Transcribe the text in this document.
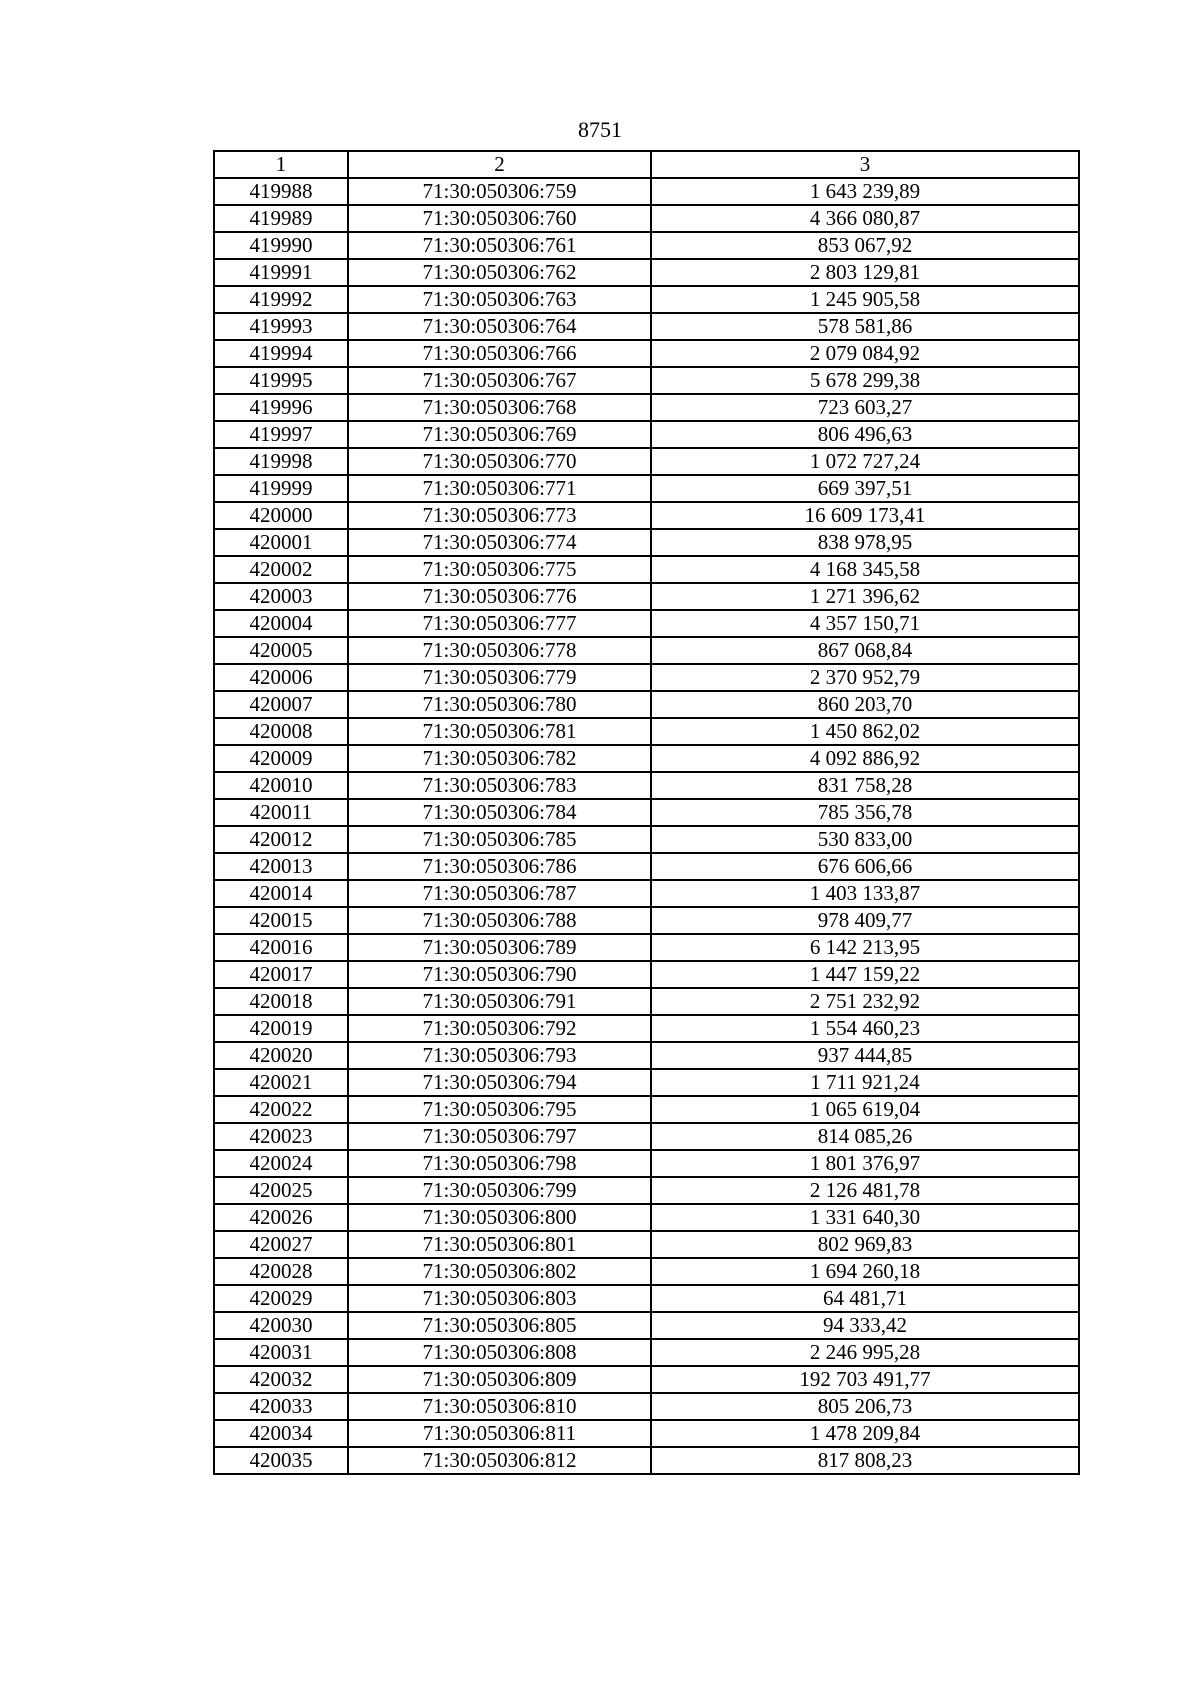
8751
1	2	3
419988	71:30:050306:759	1 643 239,89
419989	71:30:050306:760	4 366 080,87
419990	71:30:050306:761	853 067,92
419991	71:30:050306:762	2 803 129,81
419992	71:30:050306:763	1 245 905,58
419993	71:30:050306:764	578 581,86
419994	71:30:050306:766	2 079 084,92
419995	71:30:050306:767	5 678 299,38
419996	71:30:050306:768	723 603,27
419997	71:30:050306:769	806 496,63
419998	71:30:050306:770	1 072 727,24
419999	71:30:050306:771	669 397,51
420000	71:30:050306:773	16 609 173,41
420001	71:30:050306:774	838 978,95
420002	71:30:050306:775	4 168 345,58
420003	71:30:050306:776	1 271 396,62
420004	71:30:050306:777	4 357 150,71
420005	71:30:050306:778	867 068,84
420006	71:30:050306:779	2 370 952,79
420007	71:30:050306:780	860 203,70
420008	71:30:050306:781	1 450 862,02
420009	71:30:050306:782	4 092 886,92
420010	71:30:050306:783	831 758,28
420011	71:30:050306:784	785 356,78
420012	71:30:050306:785	530 833,00
420013	71:30:050306:786	676 606,66
420014	71:30:050306:787	1 403 133,87
420015	71:30:050306:788	978 409,77
420016	71:30:050306:789	6 142 213,95
420017	71:30:050306:790	1 447 159,22
420018	71:30:050306:791	2 751 232,92
420019	71:30:050306:792	1 554 460,23
420020	71:30:050306:793	937 444,85
420021	71:30:050306:794	1 711 921,24
420022	71:30:050306:795	1 065 619,04
420023	71:30:050306:797	814 085,26
420024	71:30:050306:798	1 801 376,97
420025	71:30:050306:799	2 126 481,78
420026	71:30:050306:800	1 331 640,30
420027	71:30:050306:801	802 969,83
420028	71:30:050306:802	1 694 260,18
420029	71:30:050306:803	64 481,71
420030	71:30:050306:805	94 333,42
420031	71:30:050306:808	2 246 995,28
420032	71:30:050306:809	192 703 491,77
420033	71:30:050306:810	805 206,73
420034	71:30:050306:811	1 478 209,84
420035	71:30:050306:812	817 808,23
